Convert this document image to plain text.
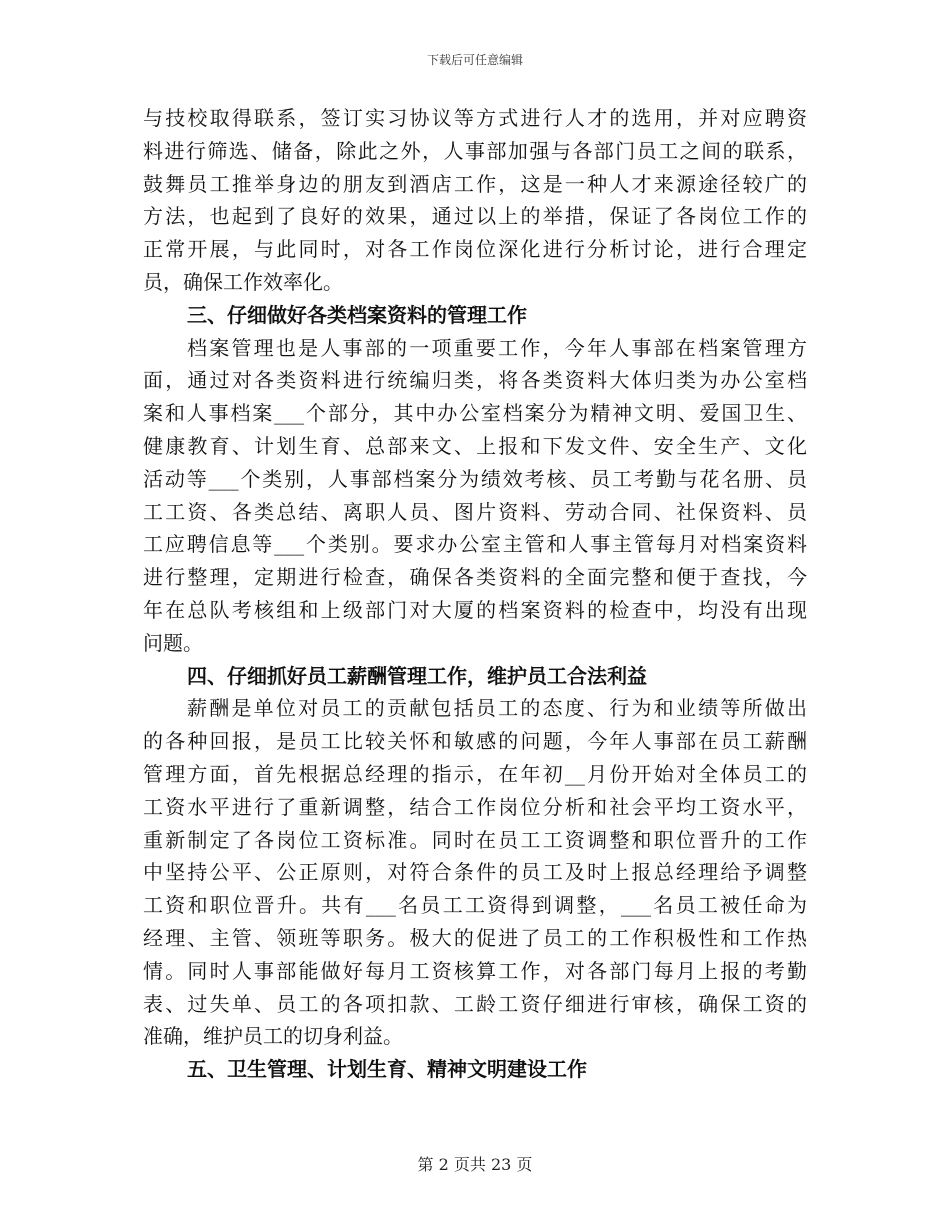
下载后可任意编辑
与技校取得联系，签订实习协议等方式进行人才的选用，并对应聘资
料进行筛选、储备，除此之外，人事部加强与各部门员工之间的联系，
鼓舞员工推举身边的朋友到酒店工作，这是一种人才来源途径较广的
方法，也起到了良好的效果，通过以上的举措，保证了各岗位工作的
正常开展，与此同时，对各工作岗位深化进行分析讨论，进行合理定
员，确保工作效率化。
三、仔细做好各类档案资料的管理工作
档案管理也是人事部的一项重要工作，今年人事部在档案管理方
面，通过对各类资料进行统编归类，将各类资料大体归类为办公室档
案和人事档案___个部分，其中办公室档案分为精神文明、爱国卫生、
健康教育、计划生育、总部来文、上报和下发文件、安全生产、文化
活动等___个类别，人事部档案分为绩效考核、员工考勤与花名册、员
工工资、各类总结、离职人员、图片资料、劳动合同、社保资料、员
工应聘信息等___个类别。要求办公室主管和人事主管每月对档案资料
进行整理，定期进行检查，确保各类资料的全面完整和便于查找，今
年在总队考核组和上级部门对大厦的档案资料的检查中，均没有出现
问题。
四、仔细抓好员工薪酬管理工作，维护员工合法利益
薪酬是单位对员工的贡献包括员工的态度、行为和业绩等所做出
的各种回报，是员工比较关怀和敏感的问题，今年人事部在员工薪酬
管理方面，首先根据总经理的指示，在年初__月份开始对全体员工的
工资水平进行了重新调整，结合工作岗位分析和社会平均工资水平，
重新制定了各岗位工资标准。同时在员工工资调整和职位晋升的工作
中坚持公平、公正原则，对符合条件的员工及时上报总经理给予调整
工资和职位晋升。共有___名员工工资得到调整，___名员工被任命为
经理、主管、领班等职务。极大的促进了员工的工作积极性和工作热
情。同时人事部能做好每月工资核算工作，对各部门每月上报的考勤
表、过失单、员工的各项扣款、工龄工资仔细进行审核，确保工资的
准确，维护员工的切身利益。
五、卫生管理、计划生育、精神文明建设工作
第 2 页共 23 页
